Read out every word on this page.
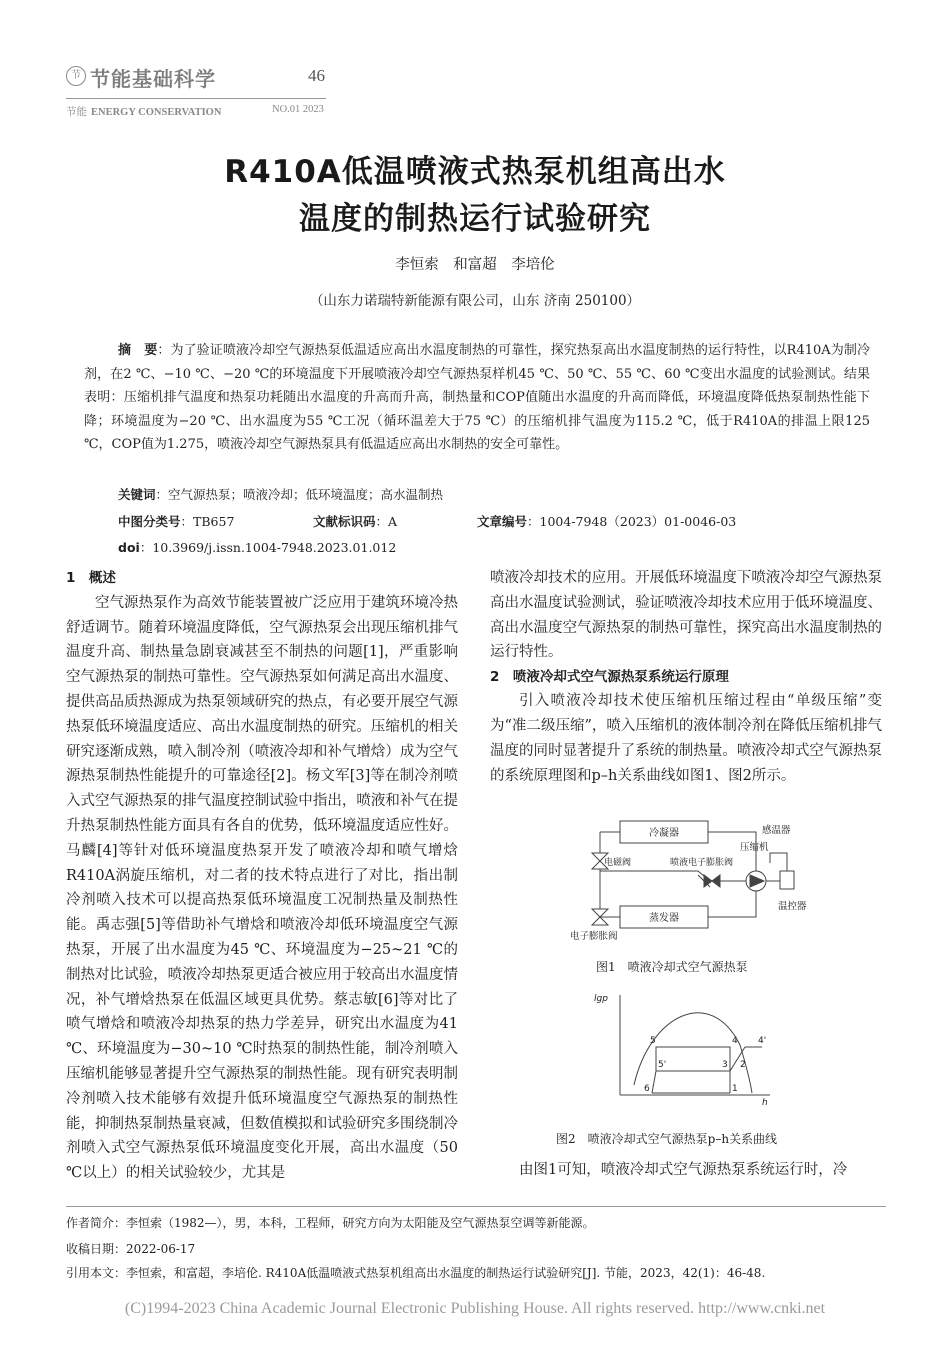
节 节能基础科学	46
节能 ENERGY CONSERVATION	NO.01 2023
R410A低温喷液式热泵机组高出水
温度的制热运行试验研究
李恒索　和富超　李培伦
（山东力诺瑞特新能源有限公司，山东 济南 250100）
摘　要：为了验证喷液冷却空气源热泵低温适应高出水温度制热的可靠性，探究热泵高出水温度制热的运行特性，以R410A为制冷剂，在2 ℃、−10 ℃、−20 ℃的环境温度下开展喷液冷却空气源热泵样机45 ℃、50 ℃、55 ℃、60 ℃变出水温度的试验测试。结果表明：压缩机排气温度和热泵功耗随出水温度的升高而升高，制热量和COP值随出水温度的升高而降低，环境温度降低热泵制热性能下降；环境温度为−20 ℃、出水温度为55 ℃工况（循环温差大于75 ℃）的压缩机排气温度为115.2 ℃，低于R410A的排温上限125 ℃，COP值为1.275，喷液冷却空气源热泵具有低温适应高出水制热的安全可靠性。
关键词：空气源热泵；喷液冷却；低环境温度；高水温制热
中图分类号：TB657	文献标识码：A	文章编号：1004-7948（2023）01-0046-03
doi：10.3969/j.issn.1004-7948.2023.01.012

1　概述

空气源热泵作为高效节能装置被广泛应用于建筑环境冷热舒适调节。随着环境温度降低，空气源热泵会出现压缩机排气温度升高、制热量急剧衰减甚至不制热的问题[1]，严重影响空气源热泵的制热可靠性。空气源热泵如何满足高出水温度、提供高品质热源成为热泵领域研究的热点，有必要开展空气源热泵低环境温度适应、高出水温度制热的研究。压缩机的相关研究逐渐成熟，喷入制冷剂（喷液冷却和补气增焓）成为空气源热泵制热性能提升的可靠途径[2]。杨文军[3]等在制冷剂喷入式空气源热泵的排气温度控制试验中指出，喷液和补气在提升热泵制热性能方面具有各自的优势，低环境温度适应性好。马麟[4]等针对低环境温度热泵开发了喷液冷却和喷气增焓R410A涡旋压缩机，对二者的技术特点进行了对比，指出制冷剂喷入技术可以提高热泵低环境温度工况制热量及制热性能。禹志强[5]等借助补气增焓和喷液冷却低环境温度空气源热泵，开展了出水温度为45 ℃、环境温度为−25~21 ℃的制热对比试验，喷液冷却热泵更适合被应用于较高出水温度情况，补气增焓热泵在低温区域更具优势。蔡志敏[6]等对比了喷气增焓和喷液冷却热泵的热力学差异，研究出水温度为41 ℃、环境温度为−30~10 ℃时热泵的制热性能，制冷剂喷入压缩机能够显著提升空气源热泵的制热性能。现有研究表明制冷剂喷入技术能够有效提升低环境温度空气源热泵的制热性能，抑制热泵制热量衰减，但数值模拟和试验研究多围绕制冷剂喷入式空气源热泵低环境温度变化开展，高出水温度（50 ℃以上）的相关试验较少，尤其是

喷液冷却技术的应用。开展低环境温度下喷液冷却空气源热泵高出水温度试验测试，验证喷液冷却技术应用于低环境温度、高出水温度空气源热泵的制热可靠性，探究高出水温度制热的运行特性。

2　喷液冷却式空气源热泵系统运行原理

引入喷液冷却技术使压缩机压缩过程由“单级压缩”变为“准二级压缩”，喷入压缩机的液体制冷剂在降低压缩机排气温度的同时显著提升了系统的制热量。喷液冷却式空气源热泵的系统原理图和p–h关系曲线如图1、图2所示。

冷凝器
蒸发器
压缩机
感温器
电磁阀	喷液电子膨胀阀
温控器
电子膨胀阀
图1　喷液冷却式空气源热泵
lgp
h
5	4 4'
5'	3 2
6	1
图2　喷液冷却式空气源热泵p–h关系曲线

由图1可知，喷液冷却式空气源热泵系统运行时，冷

作者简介：李恒索（1982—），男，本科，工程师，研究方向为太阳能及空气源热泵空调等新能源。
收稿日期：2022-06-17
引用本文：李恒索，和富超，李培伦. R410A低温喷液式热泵机组高出水温度的制热运行试验研究[J]. 节能，2023，42(1)：46-48.
(C)1994-2023 China Academic Journal Electronic Publishing House. All rights reserved. http://www.cnki.net
